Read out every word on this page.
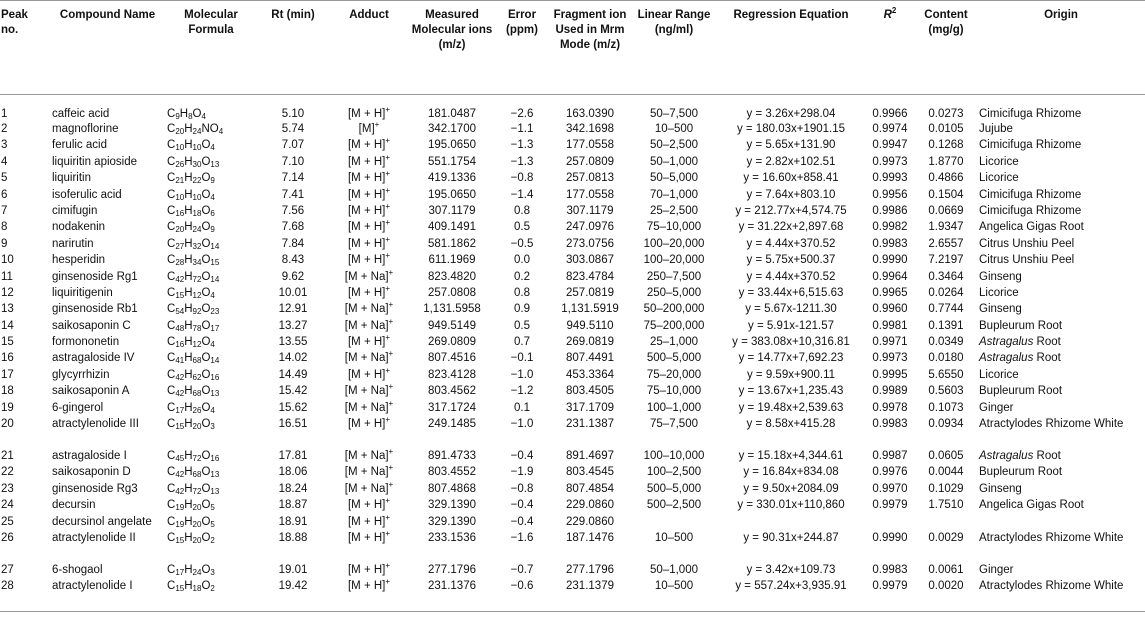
Peak no.	Compound Name	Molecular Formula	Rt (min)	Adduct	Measured Molecular ions (m/z)	Error (ppm)	Fragment ion Used in Mrm Mode (m/z)	Linear Range (ng/ml)	Regression Equation	$R^2$	Content (mg/g)	Origin
1	caffeic acid	$C_9H_8O_4$	5.10	[M + H]+	181.0487	−2.6	163.0390	50–7,500	y = 3.26x+298.04	0.9966	0.0273	Cimicifuga Rhizome
2	magnoflorine	$C_{20}H_{24}NO_4$	5.74	[M]+	342.1700	−1.1	342.1698	10–500	y = 180.03x+1901.15	0.9974	0.0105	Jujube
3	ferulic acid	$C_{10}H_{10}O_4$	7.07	[M + H]+	195.0650	−1.3	177.0558	50–2,500	y = 5.65x+131.90	0.9947	0.1268	Cimicifuga Rhizome
4	liquiritin apioside	$C_{26}H_{30}O_{13}$	7.10	[M + H]+	551.1754	−1.3	257.0809	50–1,000	y = 2.82x+102.51	0.9973	1.8770	Licorice
5	liquiritin	$C_{21}H_{22}O_9$	7.14	[M + H]+	419.1336	−0.8	257.0813	50–5,000	y = 16.60x+858.41	0.9993	0.4866	Licorice
6	isoferulic acid	$C_{10}H_{10}O_4$	7.41	[M + H]+	195.0650	−1.4	177.0558	70–1,000	y = 7.64x+803.10	0.9956	0.1504	Cimicifuga Rhizome
7	cimifugin	$C_{16}H_{18}O_6$	7.56	[M + H]+	307.1179	0.8	307.1179	25–2,500	y = 212.77x+4,574.75	0.9986	0.0669	Cimicifuga Rhizome
8	nodakenin	$C_{20}H_{24}O_9$	7.68	[M + H]+	409.1491	0.5	247.0976	75–10,000	y = 31.22x+2,897.68	0.9982	1.9347	Angelica Gigas Root
9	narirutin	$C_{27}H_{32}O_{14}$	7.84	[M + H]+	581.1862	−0.5	273.0756	100–20,000	y = 4.44x+370.52	0.9983	2.6557	Citrus Unshiu Peel
10	hesperidin	$C_{28}H_{34}O_{15}$	8.43	[M + H]+	611.1969	0.0	303.0867	100–20,000	y = 5.75x+500.37	0.9990	7.2197	Citrus Unshiu Peel
11	ginsenoside Rg1	$C_{42}H_{72}O_{14}$	9.62	[M + Na]+	823.4820	0.2	823.4784	250–7,500	y = 4.44x+370.52	0.9964	0.3464	Ginseng
12	liquiritigenin	$C_{15}H_{12}O_4$	10.01	[M + H]+	257.0808	0.8	257.0819	250–5,000	y = 33.44x+6,515.63	0.9965	0.0264	Licorice
13	ginsenoside Rb1	$C_{54}H_{92}O_{23}$	12.91	[M + Na]+	1,131.5958	0.9	1,131.5919	50–200,000	y = 5.67x-1211.30	0.9960	0.7744	Ginseng
14	saikosaponin C	$C_{48}H_{78}O_{17}$	13.27	[M + Na]+	949.5149	0.5	949.5110	75–200,000	y = 5.91x-121.57	0.9981	0.1391	Bupleurum Root
15	formononetin	$C_{16}H_{12}O_4$	13.55	[M + H]+	269.0809	0.7	269.0819	25–1,000	y = 383.08x+10,316.81	0.9971	0.0349	Astragalus Root
16	astragaloside IV	$C_{41}H_{68}O_{14}$	14.02	[M + Na]+	807.4516	−0.1	807.4491	500–5,000	y = 14.77x+7,692.23	0.9973	0.0180	Astragalus Root
17	glycyrrhizin	$C_{42}H_{62}O_{16}$	14.49	[M + H]+	823.4128	−1.0	453.3364	75–20,000	y = 9.59x+900.11	0.9995	5.6550	Licorice
18	saikosaponin A	$C_{42}H_{68}O_{13}$	15.42	[M + Na]+	803.4562	−1.2	803.4505	75–10,000	y = 13.67x+1,235.43	0.9989	0.5603	Bupleurum Root
19	6-gingerol	$C_{17}H_{26}O_4$	15.62	[M + Na]+	317.1724	0.1	317.1709	100–1,000	y = 19.48x+2,539.63	0.9978	0.1073	Ginger
20	atractylenolide III	$C_{15}H_{20}O_3$	16.51	[M + H]+	249.1485	−1.0	231.1387	75–7,500	y = 8.58x+415.28	0.9983	0.0934	Atractylodes Rhizome White
21	astragaloside I	$C_{45}H_{72}O_{16}$	17.81	[M + Na]+	891.4733	−0.4	891.4697	100–10,000	y = 15.18x+4,344.61	0.9987	0.0605	Astragalus Root
22	saikosaponin D	$C_{42}H_{68}O_{13}$	18.06	[M + Na]+	803.4552	−1.9	803.4545	100–2,500	y = 16.84x+834.08	0.9976	0.0044	Bupleurum Root
23	ginsenoside Rg3	$C_{42}H_{72}O_{13}$	18.24	[M + Na]+	807.4868	−0.8	807.4854	500–5,000	y = 9.50x+2084.09	0.9970	0.1029	Ginseng
24	decursin	$C_{19}H_{20}O_5$	18.87	[M + H]+	329.1390	−0.4	229.0860	500–2,500	y = 330.01x+110,860	0.9979	1.7510	Angelica Gigas Root
25	decursinol angelate	$C_{19}H_{20}O_5$	18.91	[M + H]+	329.1390	−0.4	229.0860					
26	atractylenolide II	$C_{15}H_{20}O_2$	18.88	[M + H]+	233.1536	−1.6	187.1476	10–500	y = 90.31x+244.87	0.9990	0.0029	Atractylodes Rhizome White
27	6-shogaol	$C_{17}H_{24}O_3$	19.01	[M + H]+	277.1796	−0.7	277.1796	50–1,000	y = 3.42x+109.73	0.9983	0.0061	Ginger
28	atractylenolide I	$C_{15}H_{18}O_2$	19.42	[M + H]+	231.1376	−0.6	231.1379	10–500	y = 557.24x+3,935.91	0.9979	0.0020	Atractylodes Rhizome White
